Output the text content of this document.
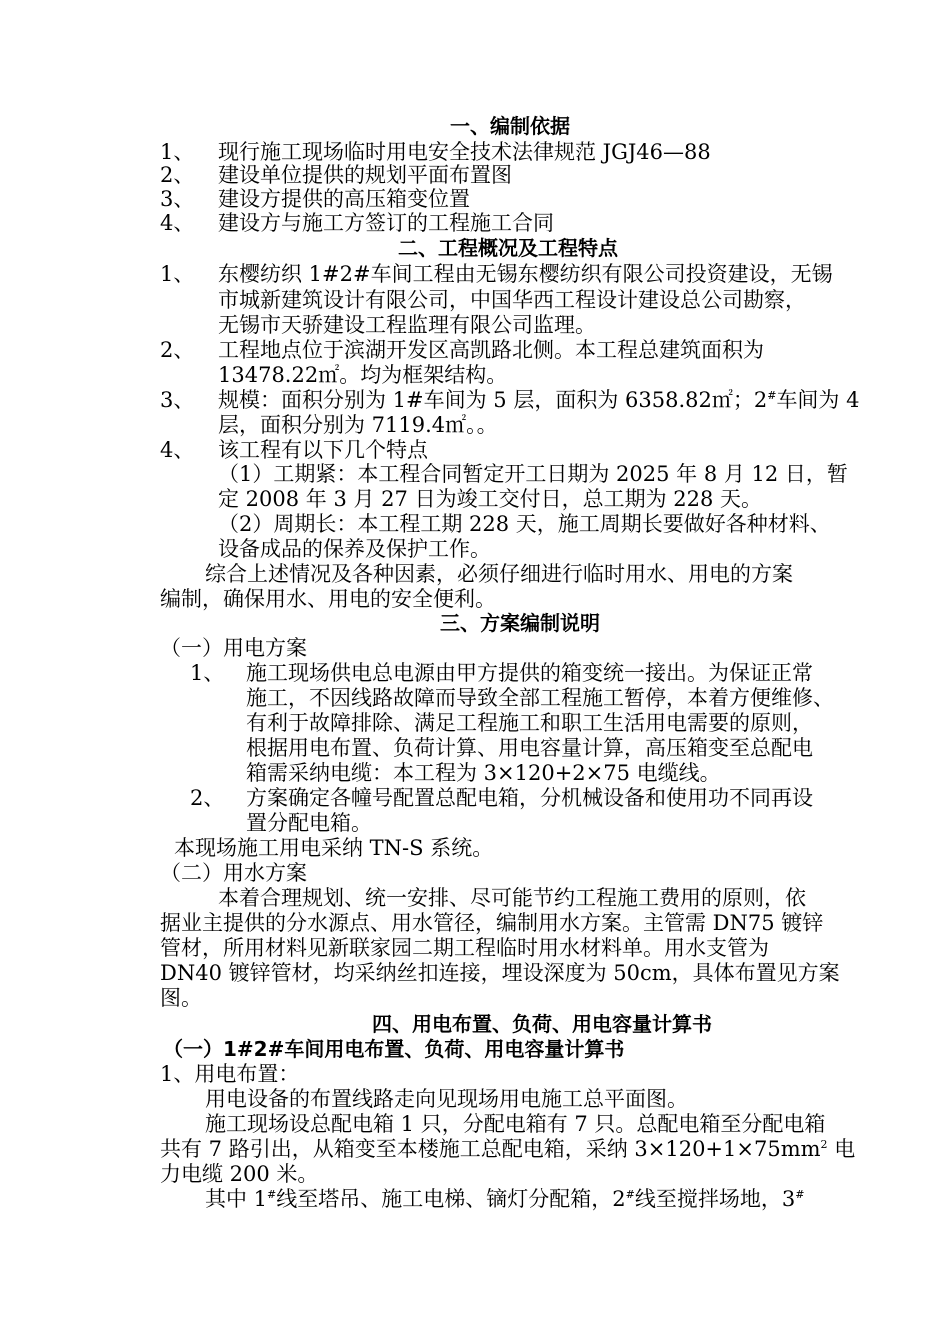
一、编制依据
1、 现行施工现场临时用电安全技术法律规范 JGJ46—88
2、 建设单位提供的规划平面布置图
3、 建设方提供的高压箱变位置
4、 建设方与施工方签订的工程施工合同
二、工程概况及工程特点
1、 东樱纺织 1#2#车间工程由无锡东樱纺织有限公司投资建设，无锡
市城新建筑设计有限公司，中国华西工程设计建设总公司勘察，
无锡市天骄建设工程监理有限公司监理。
2、 工程地点位于滨湖开发区高凯路北侧。本工程总建筑面积为
13478.22㎡。均为框架结构。
3、 规模：面积分别为 1#车间为 5 层，面积为 6358.82㎡；2#车间为 4
层，面积分别为 7119.4㎡。。
4、 该工程有以下几个特点
（1）工期紧：本工程合同暂定开工日期为 2025 年 8 月 12 日，暂
定 2008 年 3 月 27 日为竣工交付日，总工期为 228 天。
（2）周期长：本工程工期 228 天，施工周期长要做好各种材料、
设备成品的保养及保护工作。
综合上述情况及各种因素，必须仔细进行临时用水、用电的方案
编制，确保用水、用电的安全便利。
三、方案编制说明
（一）用电方案
1、 施工现场供电总电源由甲方提供的箱变统一接出。为保证正常
施工，不因线路故障而导致全部工程施工暂停，本着方便维修、
有利于故障排除、满足工程施工和职工生活用电需要的原则，
根据用电布置、负荷计算、用电容量计算，高压箱变至总配电
箱需采纳电缆：本工程为 3×120+2×75 电缆线。
2、 方案确定各幢号配置总配电箱，分机械设备和使用功不同再设
置分配电箱。
本现场施工用电采纳 TN-S 系统。
（二）用水方案
本着合理规划、统一安排、尽可能节约工程施工费用的原则，依
据业主提供的分水源点、用水管径，编制用水方案。主管需 DN75 镀锌
管材，所用材料见新联家园二期工程临时用水材料单。用水支管为
DN40 镀锌管材，均采纳丝扣连接，埋设深度为 50cm，具体布置见方案
图。
四、用电布置、负荷、用电容量计算书
（一）1#2#车间用电布置、负荷、用电容量计算书
1、用电布置：
用电设备的布置线路走向见现场用电施工总平面图。
施工现场设总配电箱 1 只，分配电箱有 7 只。总配电箱至分配电箱
共有 7 路引出，从箱变至本楼施工总配电箱，采纳 $3\times 120+1\times 75mm^2$ 电
力电缆 200 米。
其中 1#线至塔吊、施工电梯、镝灯分配箱，2#线至搅拌场地，3#
